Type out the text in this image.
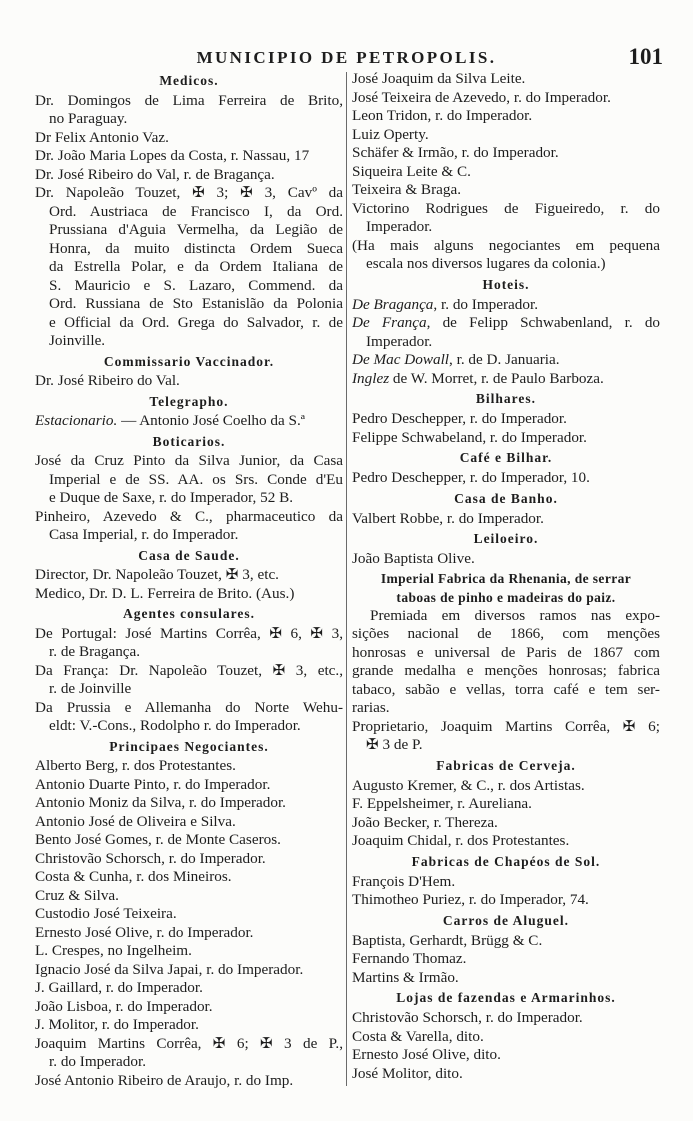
MUNICIPIO DE PETROPOLIS.	101
Medicos.
Dr. Domingos de Lima Ferreira de Brito,
no Paraguay.
Dr Felix Antonio Vaz.
Dr. João Maria Lopes da Costa, r. Nassau, 17
Dr. José Ribeiro do Val, r. de Bragança.
Dr. Napoleão Touzet, ✠ 3; ✠ 3, Cavº da
Ord. Austriaca de Francisco I, da Ord.
Prussiana d'Aguia Vermelha, da Legião de
Honra, da muito distincta Ordem Sueca
da Estrella Polar, e da Ordem Italiana de
S. Mauricio e S. Lazaro, Commend. da
Ord. Russiana de Sto Estanislão da Polonia
e Official da Ord. Grega do Salvador, r. de
Joinville.
Commissario Vaccinador.
Dr. José Ribeiro do Val.
Telegrapho.
Estacionario. — Antonio José Coelho da S.ª
Boticarios.
José da Cruz Pinto da Silva Junior, da Casa
Imperial e de SS. AA. os Srs. Conde d'Eu
e Duque de Saxe, r. do Imperador, 52 B.
Pinheiro, Azevedo & C., pharmaceutico da
Casa Imperial, r. do Imperador.
Casa de Saude.
Director, Dr. Napoleão Touzet, ✠ 3, etc.
Medico, Dr. D. L. Ferreira de Brito. (Aus.)
Agentes consulares.
De Portugal: José Martins Corrêa, ✠ 6, ✠ 3,
r. de Bragança.
Da França: Dr. Napoleão Touzet, ✠ 3, etc.,
r. de Joinville
Da Prussia e Allemanha do Norte Wehu-
eldt: V.-Cons., Rodolpho r. do Imperador.
Principaes Negociantes.
Alberto Berg, r. dos Protestantes.
Antonio Duarte Pinto, r. do Imperador.
Antonio Moniz da Silva, r. do Imperador.
Antonio José de Oliveira e Silva.
Bento José Gomes, r. de Monte Caseros.
Christovão Schorsch, r. do Imperador.
Costa & Cunha, r. dos Mineiros.
Cruz & Silva.
Custodio José Teixeira.
Ernesto José Olive, r. do Imperador.
L. Crespes, no Ingelheim.
Ignacio José da Silva Japai, r. do Imperador.
J. Gaillard, r. do Imperador.
João Lisboa, r. do Imperador.
J. Molitor, r. do Imperador.
Joaquim Martins Corrêa, ✠ 6; ✠ 3 de P.,
r. do Imperador.
José Antonio Ribeiro de Araujo, r. do Imp.
José Joaquim da Silva Leite.
José Teixeira de Azevedo, r. do Imperador.
Leon Tridon, r. do Imperador.
Luiz Operty.
Schäfer & Irmão, r. do Imperador.
Siqueira Leite & C.
Teixeira & Braga.
Victorino Rodrigues de Figueiredo, r. do
Imperador.
(Ha mais alguns negociantes em pequena
escala nos diversos lugares da colonia.)
Hoteis.
De Bragança, r. do Imperador.
De França, de Felipp Schwabenland, r. do
Imperador.
De Mac Dowall, r. de D. Januaria.
Inglez de W. Morret, r. de Paulo Barboza.
Bilhares.
Pedro Deschepper, r. do Imperador.
Felippe Schwabeland, r. do Imperador.
Café e Bilhar.
Pedro Deschepper, r. do Imperador, 10.
Casa de Banho.
Valbert Robbe, r. do Imperador.
Leiloeiro.
João Baptista Olive.
Imperial Fabrica da Rhenania, de serrar
taboas de pinho e madeiras do paiz.
Premiada em diversos ramos nas expo-
sições nacional de 1866, com menções
honrosas e universal de Paris de 1867 com
grande medalha e menções honrosas; fabrica
tabaco, sabão e vellas, torra café e tem ser-
rarias.
Proprietario, Joaquim Martins Corrêa, ✠ 6;
✠ 3 de P.
Fabricas de Cerveja.
Augusto Kremer, & C., r. dos Artistas.
F. Eppelsheimer, r. Aureliana.
João Becker, r. Thereza.
Joaquim Chidal, r. dos Protestantes.
Fabricas de Chapéos de Sol.
François D'Hem.
Thimotheo Puriez, r. do Imperador, 74.
Carros de Aluguel.
Baptista, Gerhardt, Brügg & C.
Fernando Thomaz.
Martins & Irmão.
Lojas de fazendas e Armarinhos.
Christovão Schorsch, r. do Imperador.
Costa & Varella, dito.
Ernesto José Olive, dito.
José Molitor, dito.
